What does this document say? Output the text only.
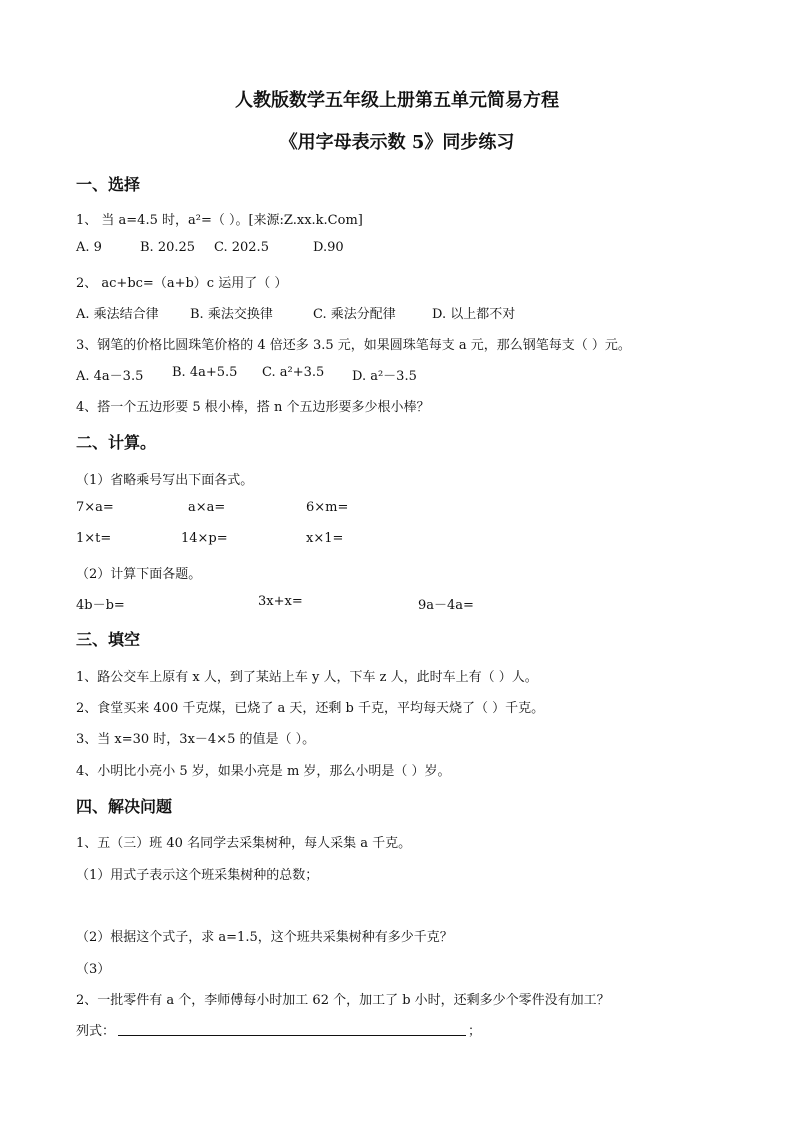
人教版数学五年级上册第五单元简易方程
《用字母表示数 5》同步练习
一、选择
1、 当 a=4.5 时，a²=（ ）。[来源:Z.xx.k.Com]
A. 9	B. 20.25 C. 202.5	D.90
2、 ac+bc=（a+b）c 运用了（ ）
A. 乘法结合律 B. 乘法交换律	C. 乘法分配律	D. 以上都不对
3、钢笔的价格比圆珠笔价格的 4 倍还多 3.5 元，如果圆珠笔每支 a 元，那么钢笔每支（ ）元。
A. 4a－3.5 B. 4a+5.5 C. a²+3.5 D. a²－3.5
4、搭一个五边形要 5 根小棒，搭 n 个五边形要多少根小棒？
二、计算。
（1）省略乘号写出下面各式。
7×a=	a×a=	6×m=
1×t=	14×p=	x×1=
（2）计算下面各题。
4b－b=	3x+x=	9a－4a=
三、填空
1、路公交车上原有 x 人，到了某站上车 y 人，下车 z 人，此时车上有（ ）人。
2、食堂买来 400 千克煤，已烧了 a 天，还剩 b 千克，平均每天烧了（ ）千克。
3、当 x=30 时，3x－4×5 的值是（ ）。
4、小明比小亮小 5 岁，如果小亮是 m 岁，那么小明是（ ）岁。
四、解决问题
1、五（三）班 40 名同学去采集树种，每人采集 a 千克。
（1）用式子表示这个班采集树种的总数；
（2）根据这个式子，求 a=1.5，这个班共采集树种有多少千克？
（3）
2、一批零件有 a 个，李师傅每小时加工 62 个，加工了 b 小时，还剩多少个零件没有加工？
列式：	；
